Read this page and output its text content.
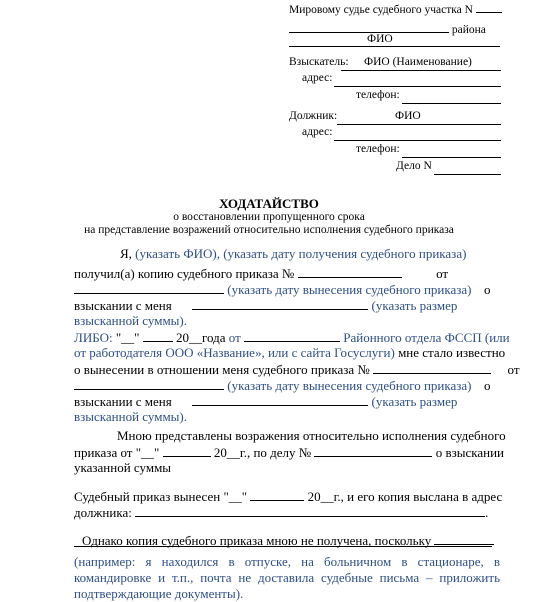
Мировому судье судебного участка N
района
ФИО
Взыскатель: ФИО (Наименование)
адрес:
телефон:
Должник:	ФИО
адрес:
телефон:
Дело N
ХОДАТАЙСТВО
о восстановлении пропущенного срока
на представление возражений относительно исполнения судебного приказа
Я, (указать ФИО), (указать дату получения судебного приказа)
получил(а) копию судебного приказа №	от
(указать дату вынесения судебного приказа) о
взыскании с меня	(указать размер
взысканной суммы).
ЛИБО: "__"	20__года от	Районного отдела ФССП (или
от работодателя ООО «Название», или с сайта Госуслуги) мне стало известно
о вынесении в отношении меня судебного приказа №	от
(указать дату вынесения судебного приказа) о
взыскании с меня	(указать размер
взысканной суммы).
Мною представлены возражения относительно исполнения судебного
приказа от "__"	20__г., по делу №	о взыскании
указанной суммы
Судебный приказ вынесен "__"	20__г., и его копия выслана в адрес
должника:	.
Однако копия судебного приказа мною не получена, поскольку
(например: я находился в отпуске, на больничном в стационаре, в
командировке и т.п., почта не доставила судебные письма – приложить
подтверждающие документы).
